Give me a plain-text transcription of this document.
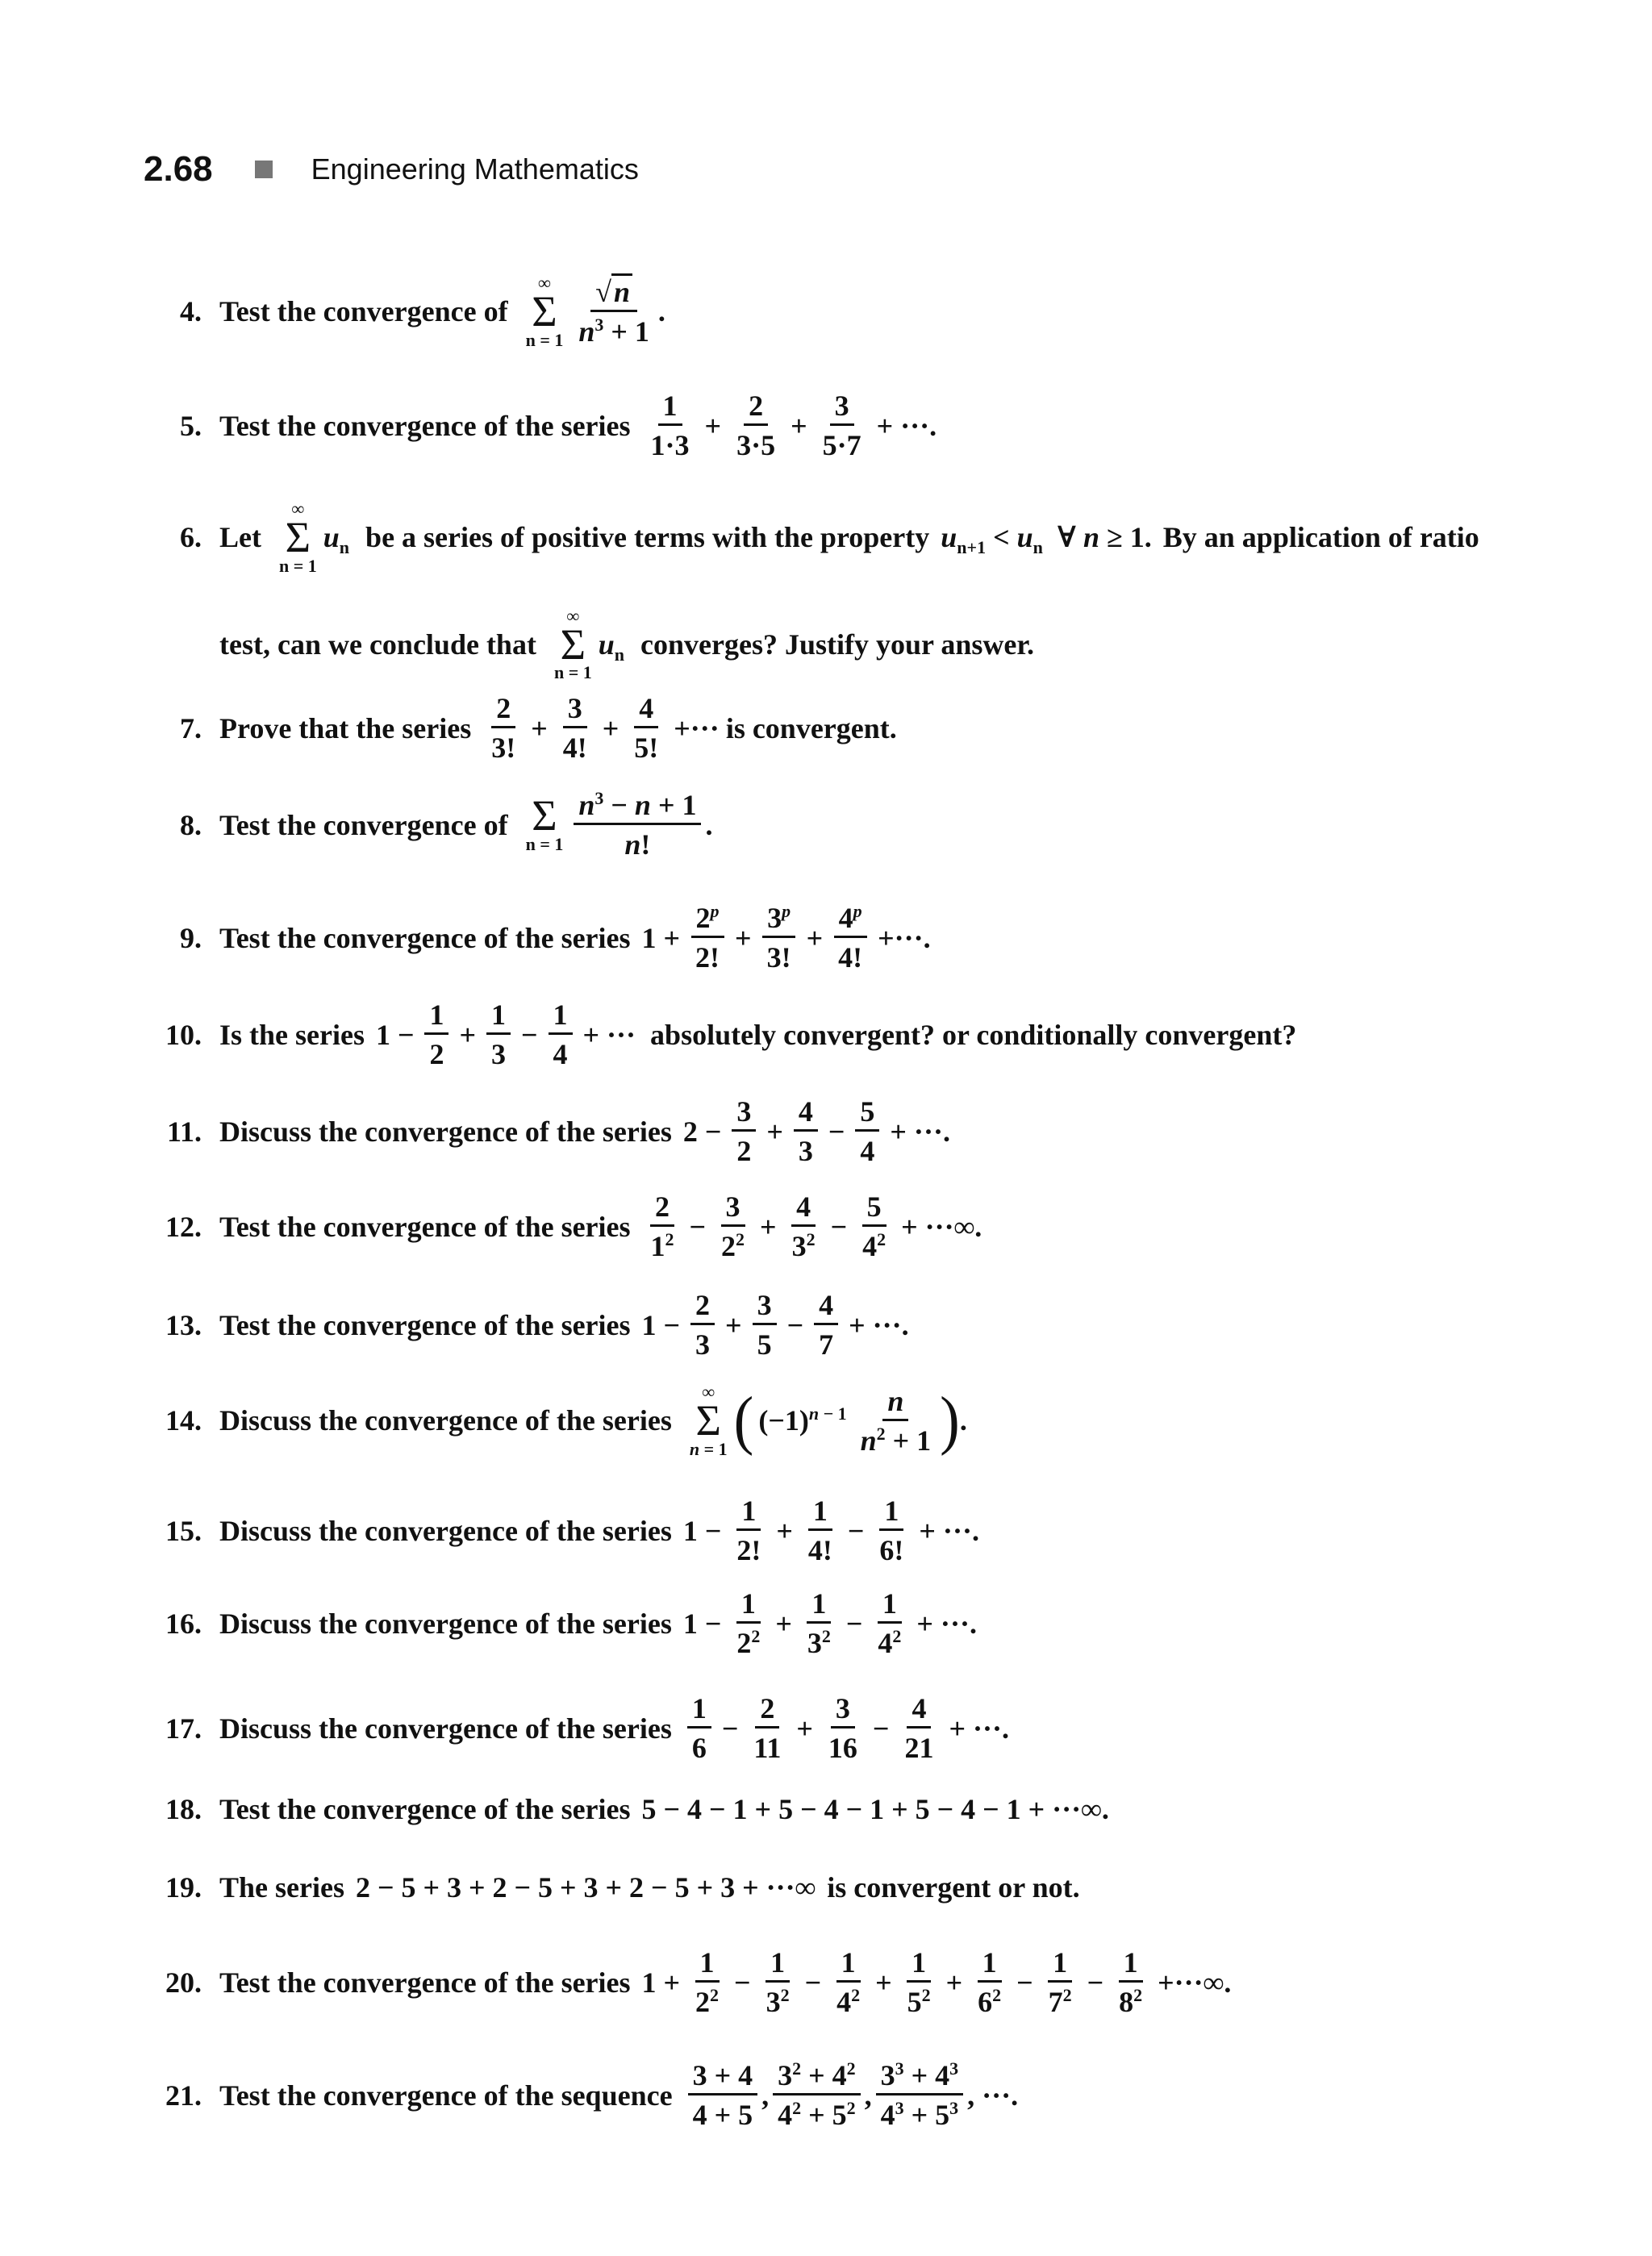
2.68	Engineering Mathematics
4. Test the convergence of
∞
Σ
$n = 1 \frac{√n}{n^3 + 1}$ .
5. Test the convergence of the series $\frac{1}{1\cdot 3} + \frac{2}{3\cdot 5} + \frac{3}{5\cdot 7}$ + ···.
6. Let
∞
Σ
n = 1
$u_n$ be a series of positive terms with the property $u_{n+1} < u_n$  ∀ n ≥ 1. By an application of ratio
test, can we conclude that
∞
Σ
n = 1
$u_n$ converges? Justify your answer.
7. Prove that the series $\frac{2}{3!} + \frac{3}{4!} + \frac{4}{5!}$ +··· is convergent.
8. Test the convergence of Σ
$n = 1 \frac{n^3 - n + 1}{n!}$ .
9. Test the convergence of the series $1 + \frac{2^p}{2!} + \frac{3^p}{3!} + \frac{4^p}{4!}$ +···.
10. Is the series $1 - \frac{1}{2} + \frac{1}{3} - \frac{1}{4}$ + ··· absolutely convergent? or conditionally convergent?
11. Discuss the convergence of the series $2 - \frac{3}{2} + \frac{4}{3} - \frac{5}{4}$ + ···.
12. Test the convergence of the series $\frac{2}{1^2} - \frac{3}{2^2} + \frac{4}{3^2} - \frac{5}{4^2}$ + ···∞.
13. Test the convergence of the series $1 - \frac{2}{3} + \frac{3}{5} - \frac{4}{7}$ + ···.
14. Discuss the convergence of the series
∞
Σ
n = 1 ( $(-1)^{n - 1} \frac{n}{n^2 + 1}$ ) .
15. Discuss the convergence of the series $1 - \frac{1}{2!} + \frac{1}{4!} - \frac{1}{6!}$ + ···.
16. Discuss the convergence of the series $1 - \frac{1}{2^2} + \frac{1}{3^2} - \frac{1}{4^2}$ + ···.
17. Discuss the convergence of the series $\frac{1}{6} - \frac{2}{11} + \frac{3}{16} - \frac{4}{21}$ + ···.
18. Test the convergence of the series 5 − 4 − 1 + 5 − 4 − 1 + 5 − 4 − 1 + ···∞.
19. The series 2 − 5 + 3 + 2 − 5 + 3 + 2 − 5 + 3 + ···∞ is convergent or not.
20. Test the convergence of the series $1 + \frac{1}{2^2} - \frac{1}{3^2} - \frac{1}{4^2} + \frac{1}{5^2} + \frac{1}{6^2} - \frac{1}{7^2} - \frac{1}{8^2}$ +···∞.
21. Test the convergence of the sequence $\frac{3 + 4}{4 + 5}$ , $\frac{3^2 + 4^2}{4^2 + 5^2}$ , $\frac{3^3 + 4^3}{4^3 + 5^3}$ , ···.
